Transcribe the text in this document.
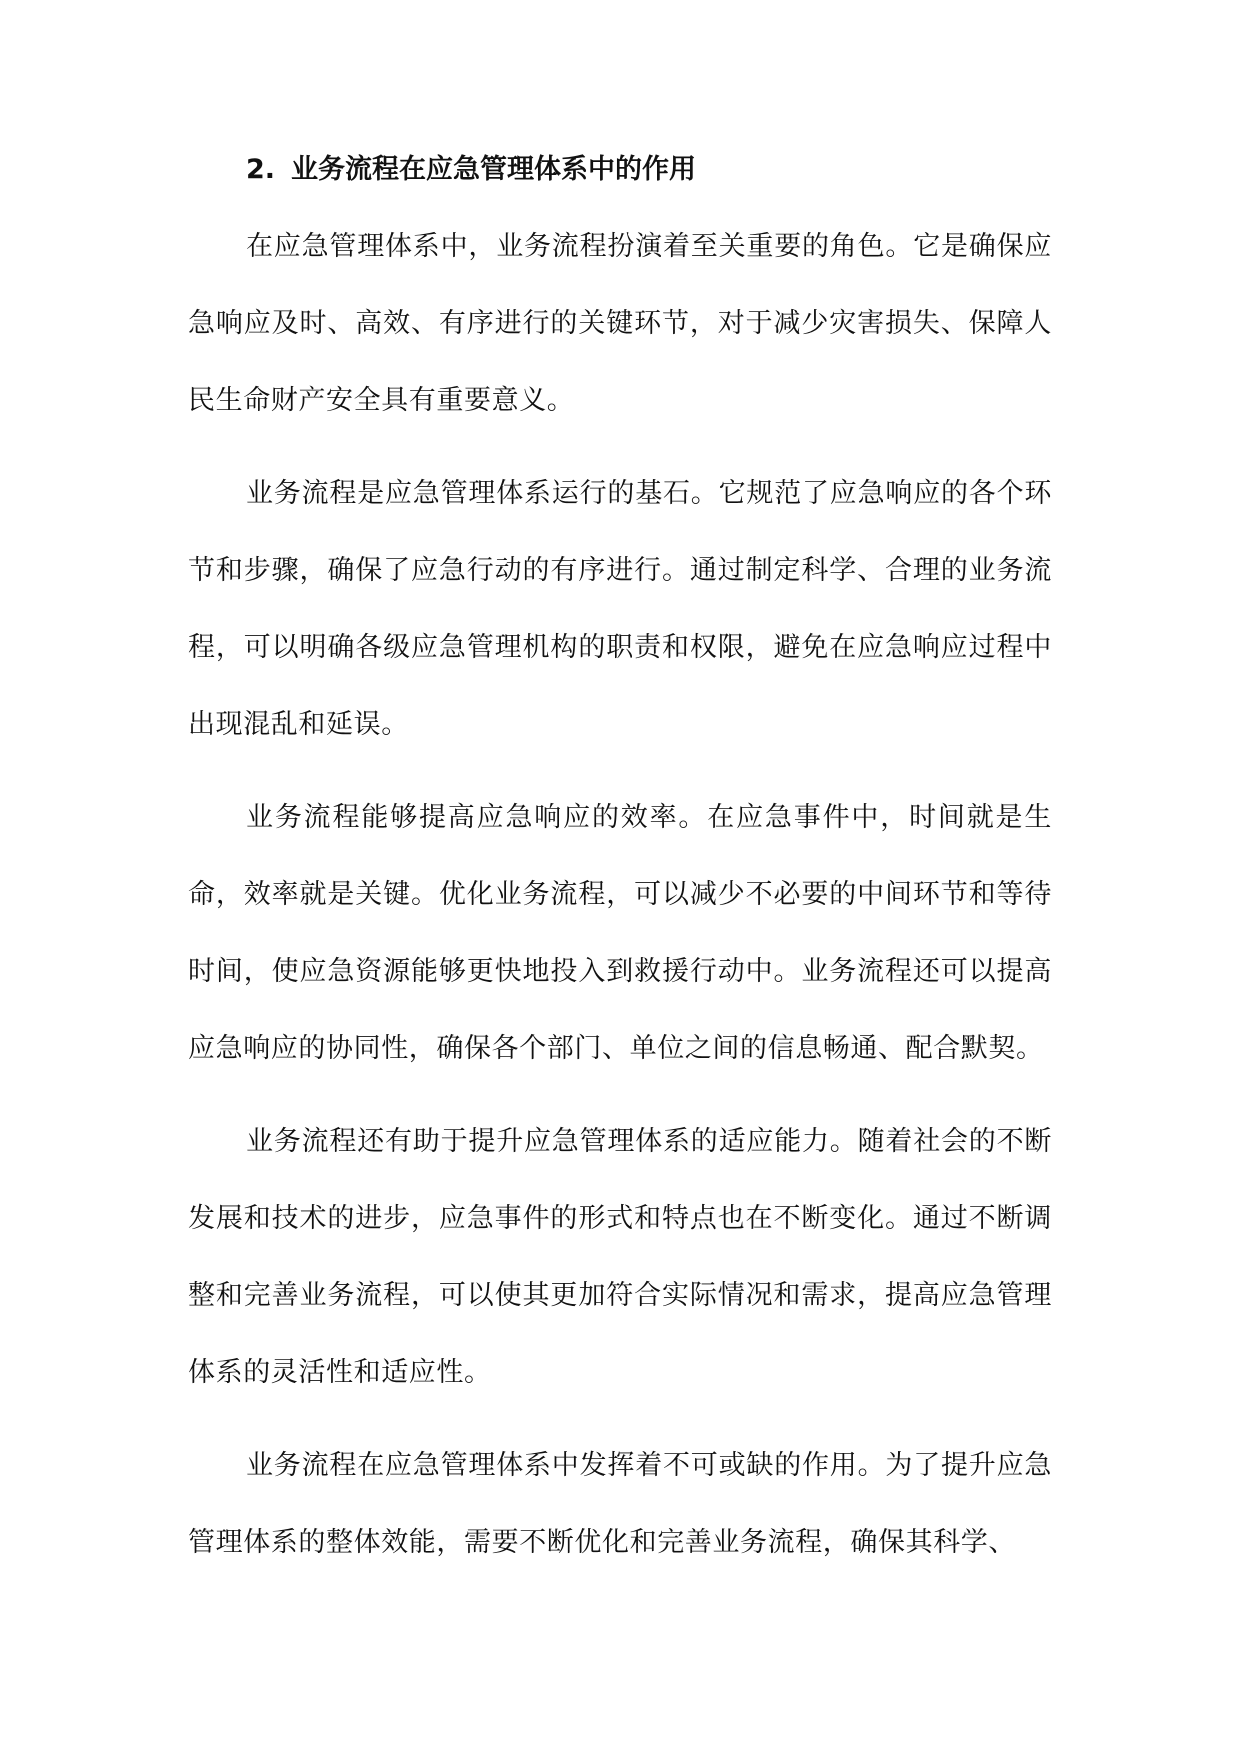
2. 业务流程在应急管理体系中的作用

在应急管理体系中，业务流程扮演着至关重要的角色。它是确保应急响应及时、高效、有序进行的关键环节，对于减少灾害损失、保障人民生命财产安全具有重要意义。

业务流程是应急管理体系运行的基石。它规范了应急响应的各个环节和步骤，确保了应急行动的有序进行。通过制定科学、合理的业务流程，可以明确各级应急管理机构的职责和权限，避免在应急响应过程中出现混乱和延误。

业务流程能够提高应急响应的效率。在应急事件中，时间就是生命，效率就是关键。优化业务流程，可以减少不必要的中间环节和等待时间，使应急资源能够更快地投入到救援行动中。业务流程还可以提高应急响应的协同性，确保各个部门、单位之间的信息畅通、配合默契。

业务流程还有助于提升应急管理体系的适应能力。随着社会的不断发展和技术的进步，应急事件的形式和特点也在不断变化。通过不断调整和完善业务流程，可以使其更加符合实际情况和需求，提高应急管理体系的灵活性和适应性。

业务流程在应急管理体系中发挥着不可或缺的作用。为了提升应急管理体系的整体效能，需要不断优化和完善业务流程，确保其科学、
